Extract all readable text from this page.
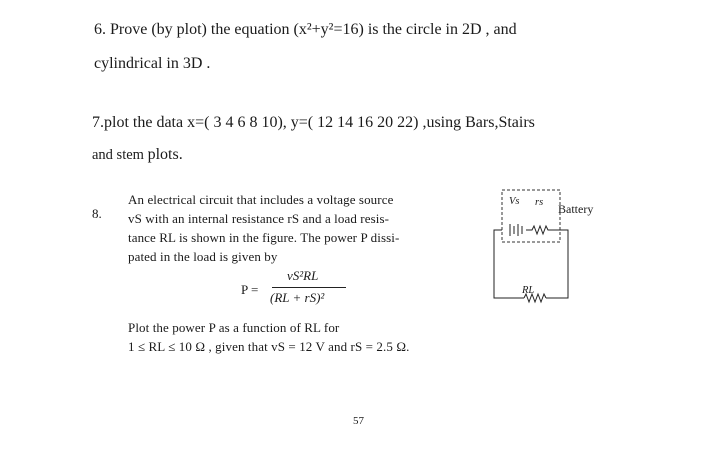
6. Prove (by plot) the equation (x²+y²=16) is the circle in 2D , and
cylindrical in 3D .
7.plot the data x=( 3 4 6 8 10), y=( 12 14 16 20 22) ,using Bars,Stairs
and stem plots.
8.
An electrical circuit that includes a voltage source
vS with an internal resistance rS and a load resis-
tance RL is shown in the figure. The power P dissi-
pated in the load is given by
P =
vS²RL
(RL + rS)²
Plot the power P as a function of RL for
1 ≤ RL ≤ 10 Ω , given that vS = 12 V and rS = 2.5 Ω.
Vs rs Battery
RL
57
